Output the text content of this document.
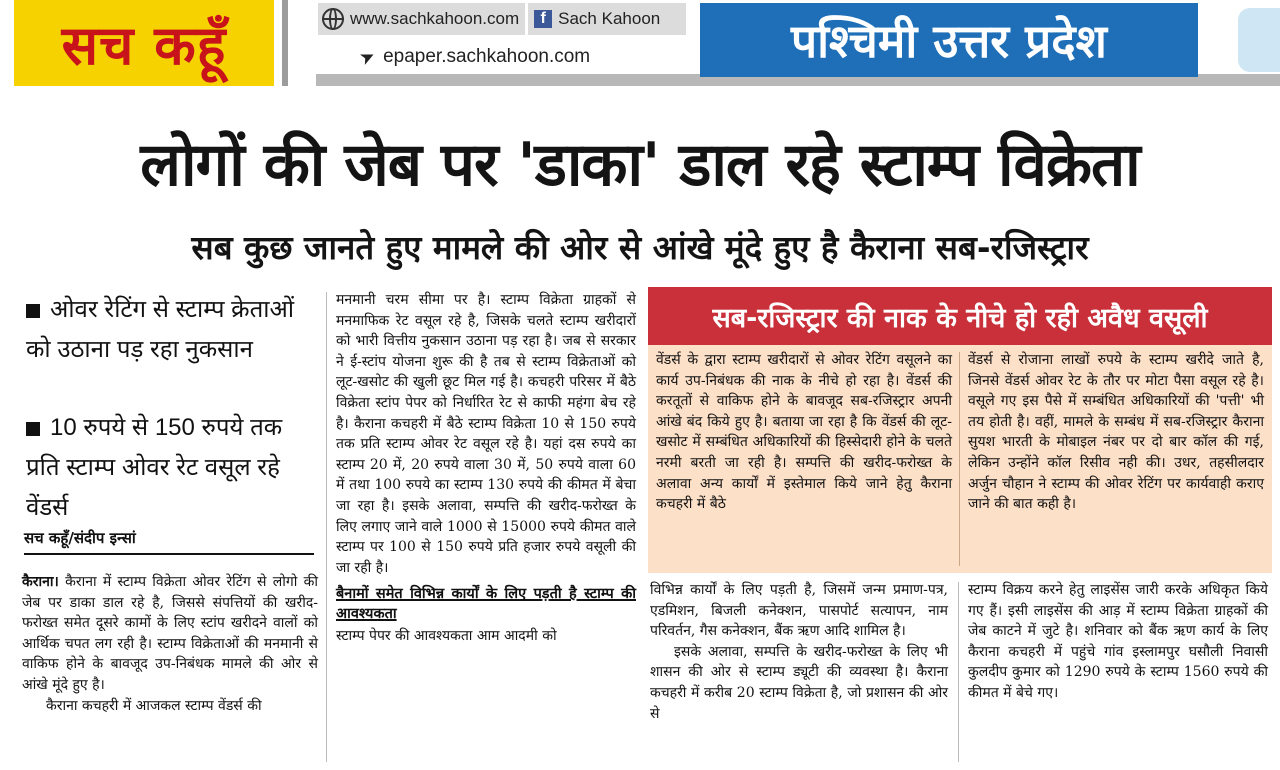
सच कहूँ	www.sachkahoon.com	f Sach Kahoon
➤ epaper.sachkahoon.com	पश्चिमी उत्तर प्रदेश
लोगों की जेब पर 'डाका' डाल रहे स्टाम्प विक्रेता
सब कुछ जानते हुए मामले की ओर से आंखे मूंदे हुए है कैराना सब-रजिस्ट्रार
ओवर रेटिंग से स्टाम्प क्रेताओं को उठाना पड़ रहा नुकसान
10 रुपये से 150 रुपये तक प्रति स्टाम्प ओवर रेट वसूल रहे वेंडर्स
सच कहूँ/संदीप इन्सां

कैराना। कैराना में स्टाम्प विक्रेता ओवर रेटिंग से लोगो की जेब पर डाका डाल रहे है, जिससे संपत्तियों की खरीद-फरोख्त समेत दूसरे कामों के लिए स्टांप खरीदने वालों को आर्थिक चपत लग रही है। स्टाम्प विक्रेताओं की मनमानी से वाकिफ होने के बावजूद उप-निबंधक मामले की ओर से आंखे मूंदे हुए है।

कैराना कचहरी में आजकल स्टाम्प वेंडर्स की

मनमानी चरम सीमा पर है। स्टाम्प विक्रेता ग्राहकों से मनमाफिक रेट वसूल रहे है, जिसके चलते स्टाम्प खरीदारों को भारी वित्तीय नुकसान उठाना पड़ रहा है। जब से सरकार ने ई-स्टांप योजना शुरू की है तब से स्टाम्प विक्रेताओं को लूट-खसोट की खुली छूट मिल गई है। कचहरी परिसर में बैठे विक्रेता स्टांप पेपर को निर्धारित रेट से काफी महंगा बेच रहे है। कैराना कचहरी में बैठे स्टाम्प विक्रेता 10 से 150 रुपये तक प्रति स्टाम्प ओवर रेट वसूल रहे है। यहां दस रुपये का स्टाम्प 20 में, 20 रुपये वाला 30 में, 50 रुपये वाला 60 में तथा 100 रुपये का स्टाम्प 130 रुपये की कीमत में बेचा जा रहा है। इसके अलावा, सम्पत्ति की खरीद-फरोख्त के लिए लगाए जाने वाले 1000 से 15000 रुपये कीमत वाले स्टाम्प पर 100 से 150 रुपये प्रति हजार रुपये वसूली की जा रही है।

बैनामों समेत विभिन्न कार्यों के लिए पड़ती है स्टाम्प की आवश्यकता

स्टाम्प पेपर की आवश्यकता आम आदमी को

सब-रजिस्ट्रार की नाक के नीचे हो रही अवैध वसूली
वेंडर्स के द्वारा स्टाम्प खरीदारों से ओवर रेटिंग वसूलने का कार्य उप-निबंधक की नाक के नीचे हो रहा है। वेंडर्स की करतूतों से वाकिफ होने के बावजूद सब-रजिस्ट्रार अपनी आंखे बंद किये हुए है। बताया जा रहा है कि वेंडर्स की लूट-खसोट में सम्बंधित अधिकारियों की हिस्सेदारी होने के चलते नरमी बरती जा रही है। सम्पत्ति की खरीद-फरोख्त के अलावा अन्य कार्यों में इस्तेमाल किये जाने हेतु कैराना कचहरी में बैठे
वेंडर्स से रोजाना लाखों रुपये के स्टाम्प खरीदे जाते है, जिनसे वेंडर्स ओवर रेट के तौर पर मोटा पैसा वसूल रहे है। वसूले गए इस पैसे में सम्बंधित अधिकारियों की 'पत्ती' भी तय होती है। वहीं, मामले के सम्बंध में सब-रजिस्ट्रार कैराना सुयश भारती के मोबाइल नंबर पर दो बार कॉल की गई, लेकिन उन्होंने कॉल रिसीव नही की। उधर, तहसीलदार अर्जुन चौहान ने स्टाम्प की ओवर रेटिंग पर कार्यवाही कराए जाने की बात कही है।

विभिन्न कार्यों के लिए पड़ती है, जिसमें जन्म प्रमाण-पत्र, एडमिशन, बिजली कनेक्शन, पासपोर्ट सत्यापन, नाम परिवर्तन, गैस कनेक्शन, बैंक ऋण आदि शामिल है।

इसके अलावा, सम्पत्ति के खरीद-फरोख्त के लिए भी शासन की ओर से स्टाम्प ड्यूटी की व्यवस्था है। कैराना कचहरी में करीब 20 स्टाम्प विक्रेता है, जो प्रशासन की ओर से

स्टाम्प विक्रय करने हेतु लाइसेंस जारी करके अधिकृत किये गए हैं। इसी लाइसेंस की आड़ में स्टाम्प विक्रेता ग्राहकों की जेब काटने में जुटे है। शनिवार को बैंक ऋण कार्य के लिए कैराना कचहरी में पहुंचे गांव इस्लामपुर घसौली निवासी कुलदीप कुमार को 1290 रुपये के स्टाम्प 1560 रुपये की कीमत में बेचे गए।
